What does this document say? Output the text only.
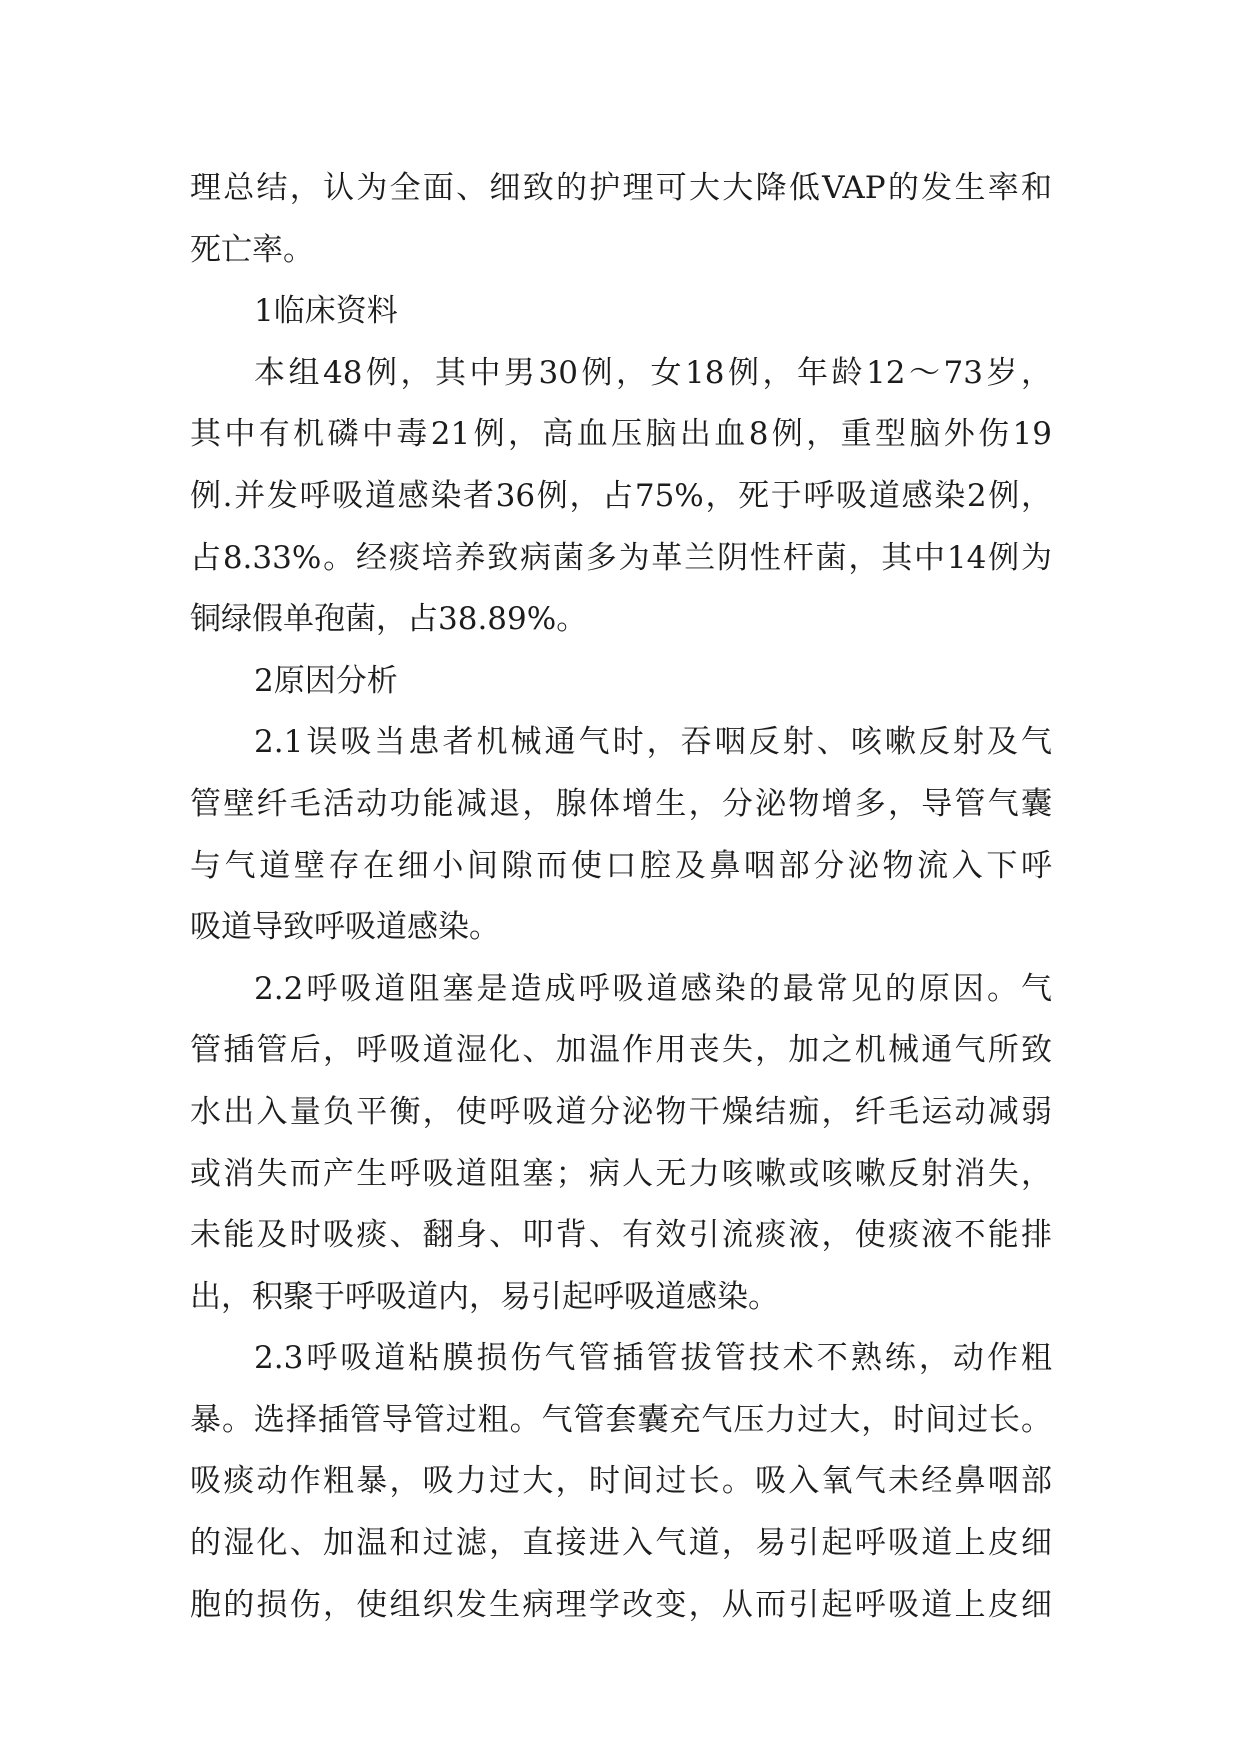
理总结，认为全面、细致的护理可大大降低VAP的发生率和
死亡率。
1临床资料
本组48例，其中男30例，女18例，年龄12～73岁，
其中有机磷中毒21例，高血压脑出血8例，重型脑外伤19
例.并发呼吸道感染者36例，占75%，死于呼吸道感染2例，
占8.33%。经痰培养致病菌多为革兰阴性杆菌，其中14例为
铜绿假单孢菌，占38.89%。
2原因分析
2.1误吸当患者机械通气时，吞咽反射、咳嗽反射及气
管壁纤毛活动功能减退，腺体增生，分泌物增多，导管气囊
与气道壁存在细小间隙而使口腔及鼻咽部分泌物流入下呼
吸道导致呼吸道感染。
2.2呼吸道阻塞是造成呼吸道感染的最常见的原因。气
管插管后，呼吸道湿化、加温作用丧失，加之机械通气所致
水出入量负平衡，使呼吸道分泌物干燥结痂，纤毛运动减弱
或消失而产生呼吸道阻塞；病人无力咳嗽或咳嗽反射消失，
未能及时吸痰、翻身、叩背、有效引流痰液，使痰液不能排
出，积聚于呼吸道内，易引起呼吸道感染。
2.3呼吸道粘膜损伤气管插管拔管技术不熟练，动作粗
暴。选择插管导管过粗。气管套囊充气压力过大，时间过长。
吸痰动作粗暴，吸力过大，时间过长。吸入氧气未经鼻咽部
的湿化、加温和过滤，直接进入气道，易引起呼吸道上皮细
胞的损伤，使组织发生病理学改变，从而引起呼吸道上皮细
